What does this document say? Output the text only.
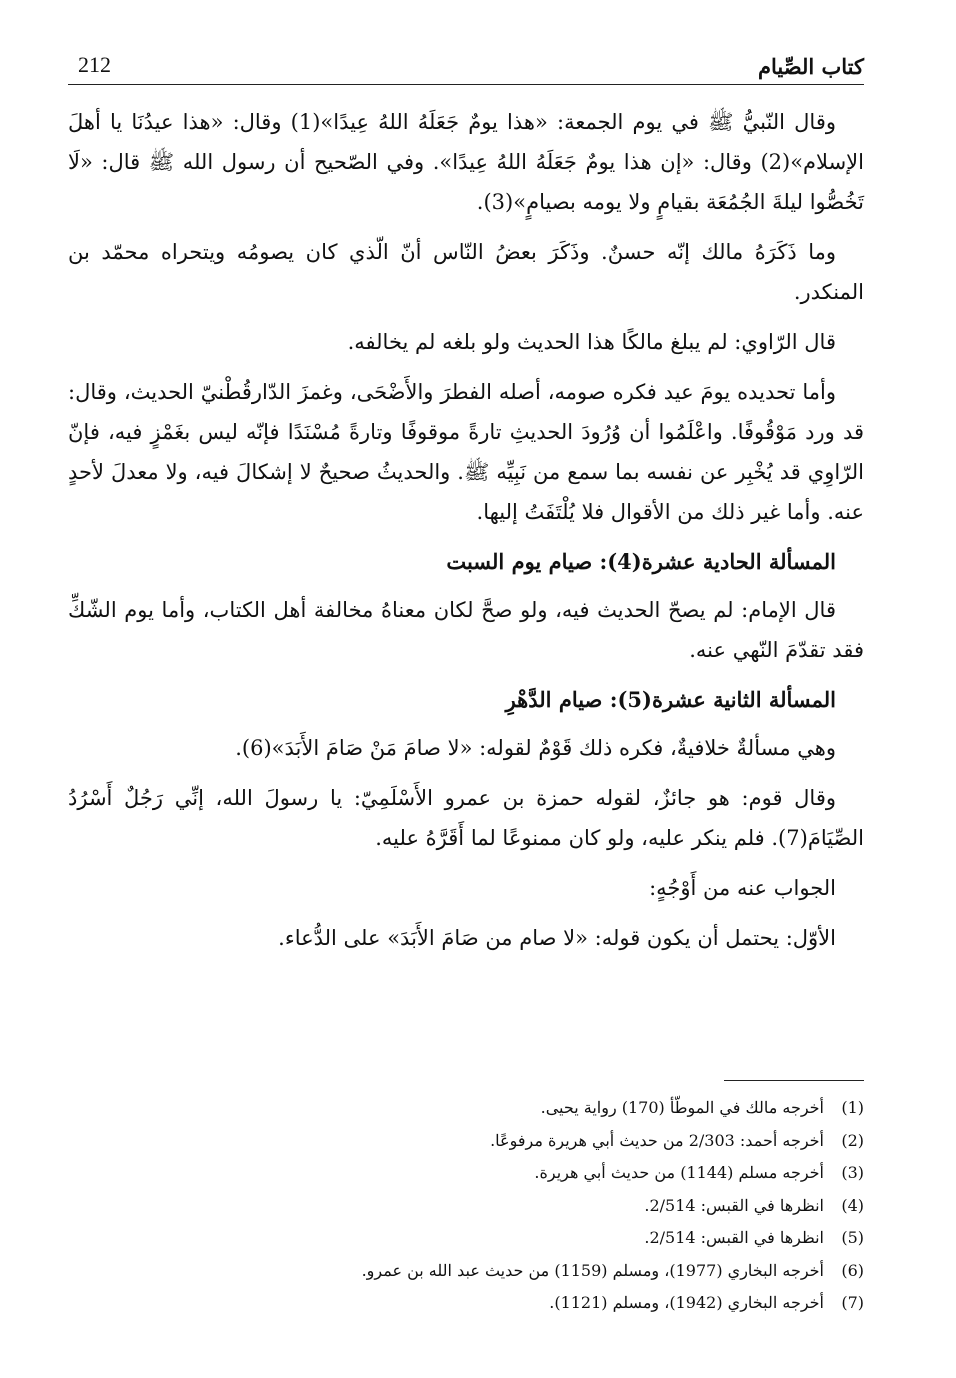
كتاب الصِّيام
212

وقال النّبيُّ ﷺ في يوم الجمعة: «هذا يومٌ جَعَلَهُ اللهُ عِيدًا»(1) وقال: «هذا عيدُنَا يا أهلَ الإسلام»(2) وقال: «إن هذا يومٌ جَعَلَهُ اللهُ عِيدًا». وفي الصّحيح أن رسول الله ﷺ قال: «لَا تَخُصُّوا ليلةَ الجُمُعَة بقيامٍ ولا يومه بصيامٍ»(3).

وما ذَكَرَهُ مالك إنّه حسنٌ. وذَكَرَ بعضُ النّاس أنّ الّذي كان يصومُه ويتحراه محمّد بن المنكدر.

قال الرّاوي: لم يبلغ مالكًا هذا الحديث ولو بلغه لم يخالفه.

وأما تحديده يومَ عيد فكره صومه، أصله الفطرَ والأَضْحَى، وغمزَ الدّارقُطْنيّ الحديث، وقال: قد ورد مَوْقُوفًا. واعْلَمُوا أن وُرُودَ الحديثِ تارةً موقوفًا وتارةً مُسْنَدًا فإنّه ليس بغَمْزٍ فيه، فإنّ الرّاوِي قد يُخْبِر عن نفسه بما سمع من نَبِيِّه ﷺ. والحديثُ صحيحٌ لا إشكالَ فيه، ولا معدلَ لأحدٍ عنه. وأما غير ذلك من الأقوال فلا يُلْتَفَتُ إليها.

المسألة الحادية عشرة(4): صيام يوم السبت

قال الإمام: لم يصحّ الحديث فيه، ولو صحَّ لكان معناهُ مخالفة أهل الكتاب، وأما يوم الشّكِّ فقد تقدّمَ النّهي عنه.

المسألة الثانية عشرة(5): صيام الدَّهْرِ

وهي مسألةٌ خلافيةٌ، فكره ذلك قَوْمٌ لقوله: «لا صامَ مَنْ صَامَ الأَبَدَ»(6).

وقال قوم: هو جائزٌ، لقوله حمزة بن عمرو الأَسْلَمِيّ: يا رسولَ الله، إنِّي رَجُلٌ أَسْرُدُ الصِّيَامَ(7). فلم ينكر عليه، ولو كان ممنوعًا لما أَقَرَّهُ عليه.

الجواب عنه من أَوْجُهٍ:

الأوّل: يحتمل أن يكون قوله: «لا صام من صَامَ الأَبَدَ» على الدُّعاء.

(1)
أخرجه مالك في الموطّأ (170) رواية يحيى.
(2)
أخرجه أحمد: 2/303 من حديث أبي هريرة مرفوعًا.
(3)
أخرجه مسلم (1144) من حديث أبي هريرة.
(4)
انظرها في القبس: 2/514.
(5)
انظرها في القبس: 2/514.
(6)
أخرجه البخاري (1977)، ومسلم (1159) من حديث عبد الله بن عمرو.
(7)
أخرجه البخاري (1942)، ومسلم (1121).
